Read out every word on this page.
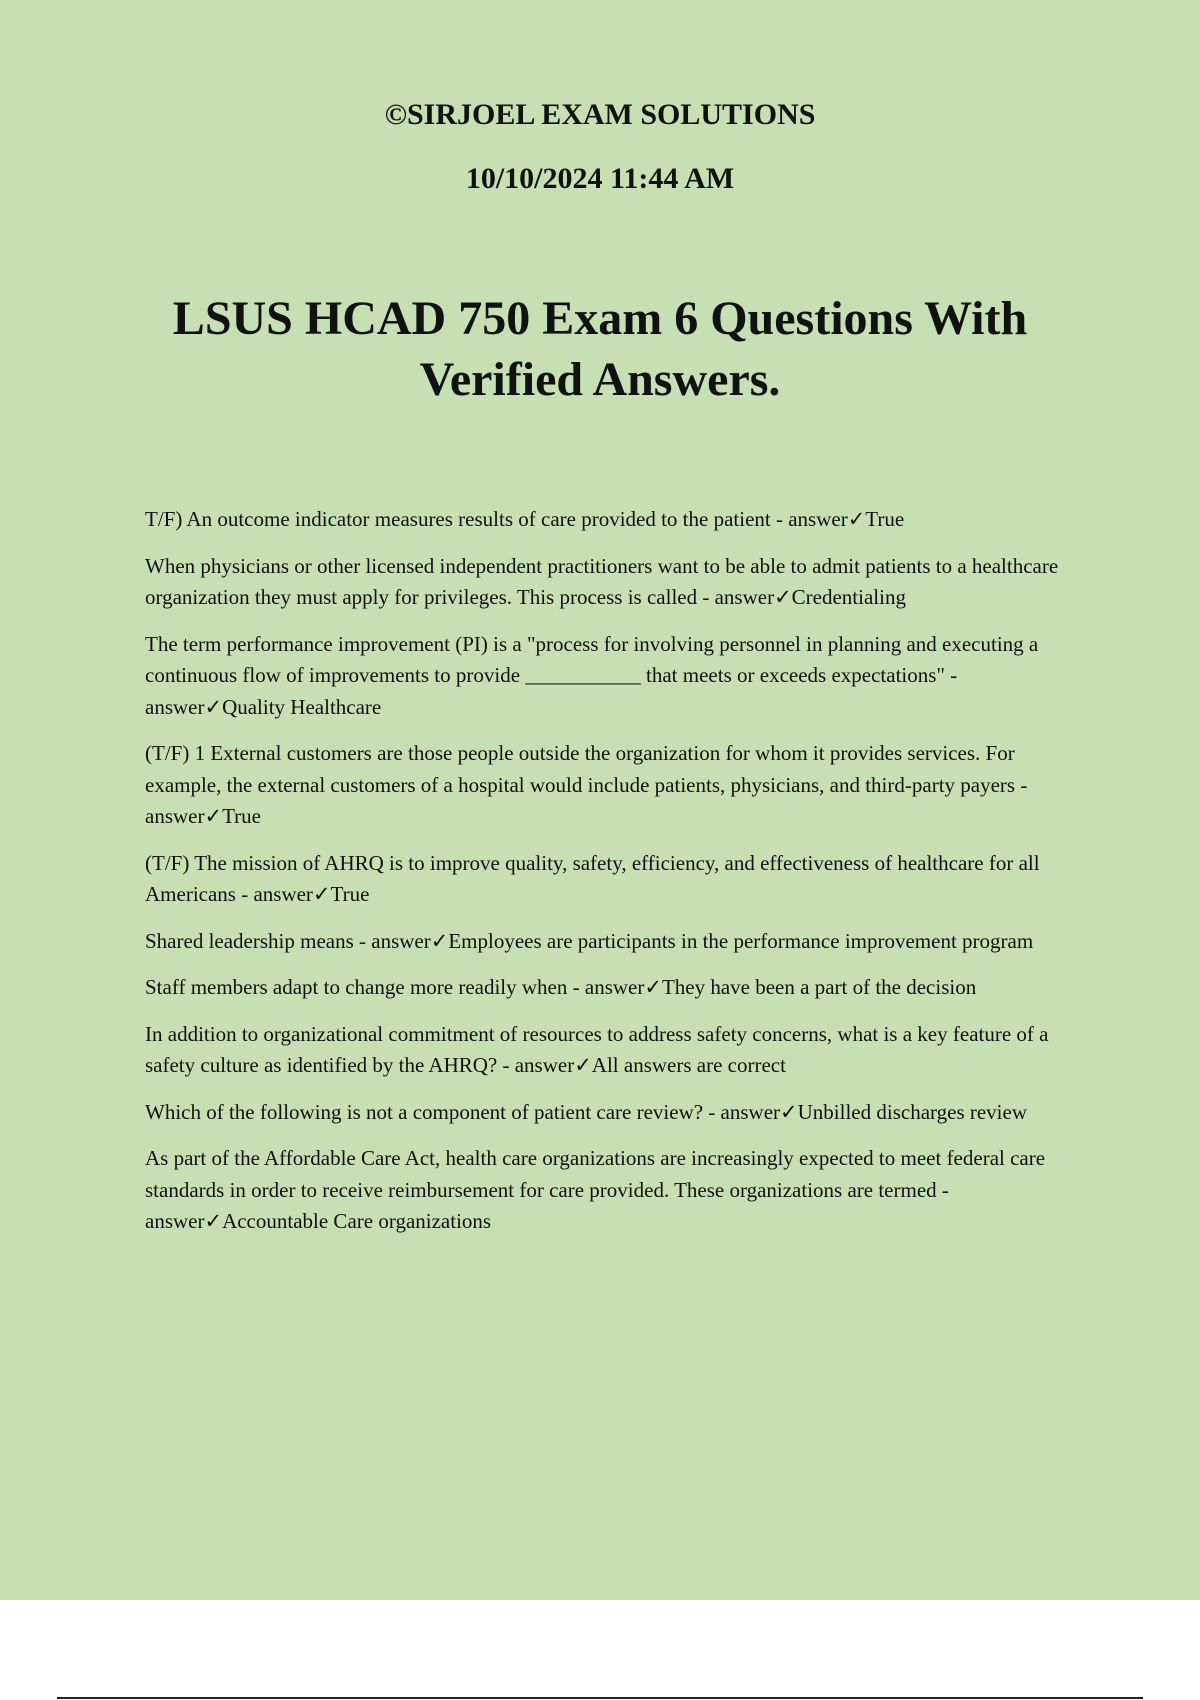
©SIRJOEL EXAM SOLUTIONS
10/10/2024 11:44 AM
LSUS HCAD 750 Exam 6 Questions With Verified Answers.

T/F) An outcome indicator measures results of care provided to the patient - answer✓True

When physicians or other licensed independent practitioners want to be able to admit patients to a healthcare organization they must apply for privileges. This process is called - answer✓Credentialing

The term performance improvement (PI) is a "process for involving personnel in planning and executing a continuous flow of improvements to provide ___________ that meets or exceeds expectations" - answer✓Quality Healthcare

(T/F) 1 External customers are those people outside the organization for whom it provides services. For example, the external customers of a hospital would include patients, physicians, and third-party payers - answer✓True

(T/F) The mission of AHRQ is to improve quality, safety, efficiency, and effectiveness of healthcare for all Americans - answer✓True

Shared leadership means - answer✓Employees are participants in the performance improvement program

Staff members adapt to change more readily when - answer✓They have been a part of the decision

In addition to organizational commitment of resources to address safety concerns, what is a key feature of a safety culture as identified by the AHRQ? - answer✓All answers are correct

Which of the following is not a component of patient care review? - answer✓Unbilled discharges review

As part of the Affordable Care Act, health care organizations are increasingly expected to meet federal care standards in order to receive reimbursement for care provided. These organizations are termed - answer✓Accountable Care organizations
